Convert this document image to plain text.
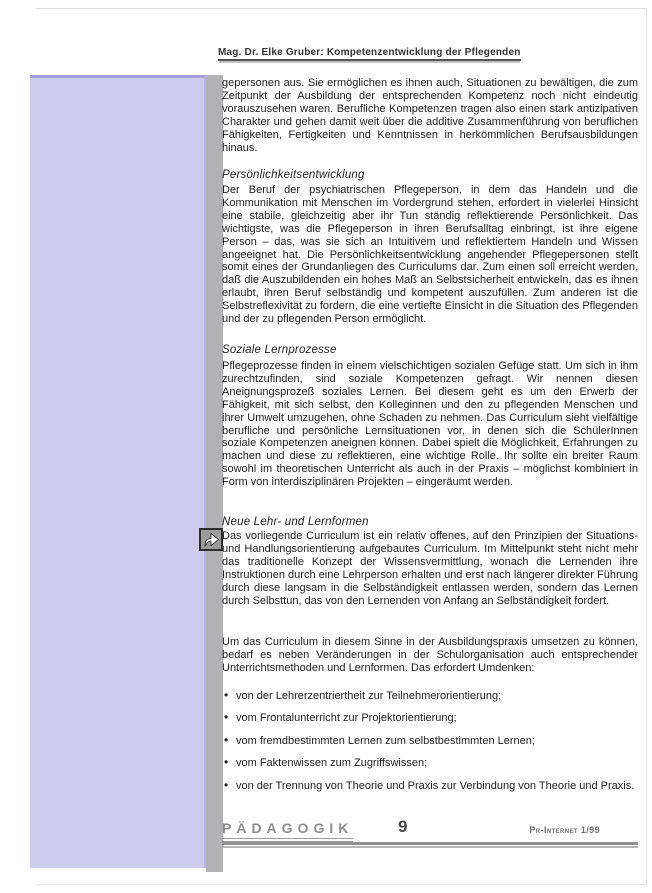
Mag. Dr. Elke Gruber: Kompetenzentwicklung der Pflegenden

gepersonen aus. Sie ermöglichen es ihnen auch, Situationen zu bewältigen, die zum Zeitpunkt der Ausbildung der entsprechenden Kompetenz noch nicht eindeutig vorauszusehen waren. Berufliche Kompetenzen tragen also einen stark antizipativen Charakter und gehen damit weit über die additive Zusammenführung von beruflichen Fähigkeiten, Fertigkeiten und Kenntnissen in herkömmlichen Berufsausbildungen hinaus.

Persönlichkeitsentwicklung

Der Beruf der psychiatrischen Pflegeperson, in dem das Handeln und die Kommunikation mit Menschen im Vordergrund stehen, erfordert in vielerlei Hinsicht eine stabile, gleichzeitig aber ihr Tun ständig reflektierende Persönlichkeit. Das wichtigste, was die Pflegeperson in ihren Berufsalltag einbringt, ist ihre eigene Person – das, was sie sich an Intuitivem und reflektiertem Handeln und Wissen angeeignet hat. Die Persönlichkeitsentwicklung angehender Pflegepersonen stellt somit eines der Grundanliegen des Curriculums dar. Zum einen soll erreicht werden, daß die Auszubildenden ein hohes Maß an Selbstsicherheit entwickeln, das es ihnen erlaubt, ihren Beruf selbständig und kompetent auszufüllen. Zum anderen ist die Selbstreflexivität zu fordern, die eine vertiefte Einsicht in die Situation des Pflegenden und der zu pflegenden Person ermöglicht.

Soziale Lernprozesse

Pflegeprozesse finden in einem vielschichtigen sozialen Gefüge statt. Um sich in ihm zurechtzufinden, sind soziale Kompetenzen gefragt. Wir nennen diesen Aneignungsprozeß soziales Lernen. Bei diesem geht es um den Erwerb der Fähigkeit, mit sich selbst, den Kolleginnen und den zu pflegenden Menschen und ihrer Umwelt umzugehen, ohne Schaden zu nehmen. Das Curriculum sieht vielfältige berufliche und persönliche Lernsituationen vor, in denen sich die SchülerInnen soziale Kompetenzen aneignen können. Dabei spielt die Möglichkeit, Erfahrungen zu machen und diese zu reflektieren, eine wichtige Rolle. Ihr sollte ein breiter Raum sowohl im theoretischen Unterricht als auch in der Praxis – möglichst kombiniert in Form von interdisziplinären Projekten – eingeräumt werden.

Neue Lehr- und Lernformen

Das vorliegende Curriculum ist ein relativ offenes, auf den Prinzipien der Situations- und Handlungsorientierung aufgebautes Curriculum. Im Mittelpunkt steht nicht mehr das traditionelle Konzept der Wissensvermittlung, wonach die Lernenden ihre Instruktionen durch eine Lehrperson erhalten und erst nach längerer direkter Führung durch diese langsam in die Selbständigkeit entlassen werden, sondern das Lernen durch Selbsttun, das von den Lernenden von Anfang an Selbständigkeit fordert.

Um das Curriculum in diesem Sinne in der Ausbildungspraxis umsetzen zu können, bedarf es neben Veränderungen in der Schulorganisation auch entsprechender Unterrichtsmethoden und Lernformen. Das erfordert Umdenken:

• von der Lehrerzentriertheit zur Teilnehmerorientierung;
• vom Frontalunterricht zur Projektorientierung;
• vom fremdbestimmten Lernen zum selbstbestimmten Lernen;
• vom Faktenwissen zum Zugriffswissen;
• von der Trennung von Theorie und Praxis zur Verbindung von Theorie und Praxis.
PÄDAGOGIK	9	Pr-Internet 1/99
